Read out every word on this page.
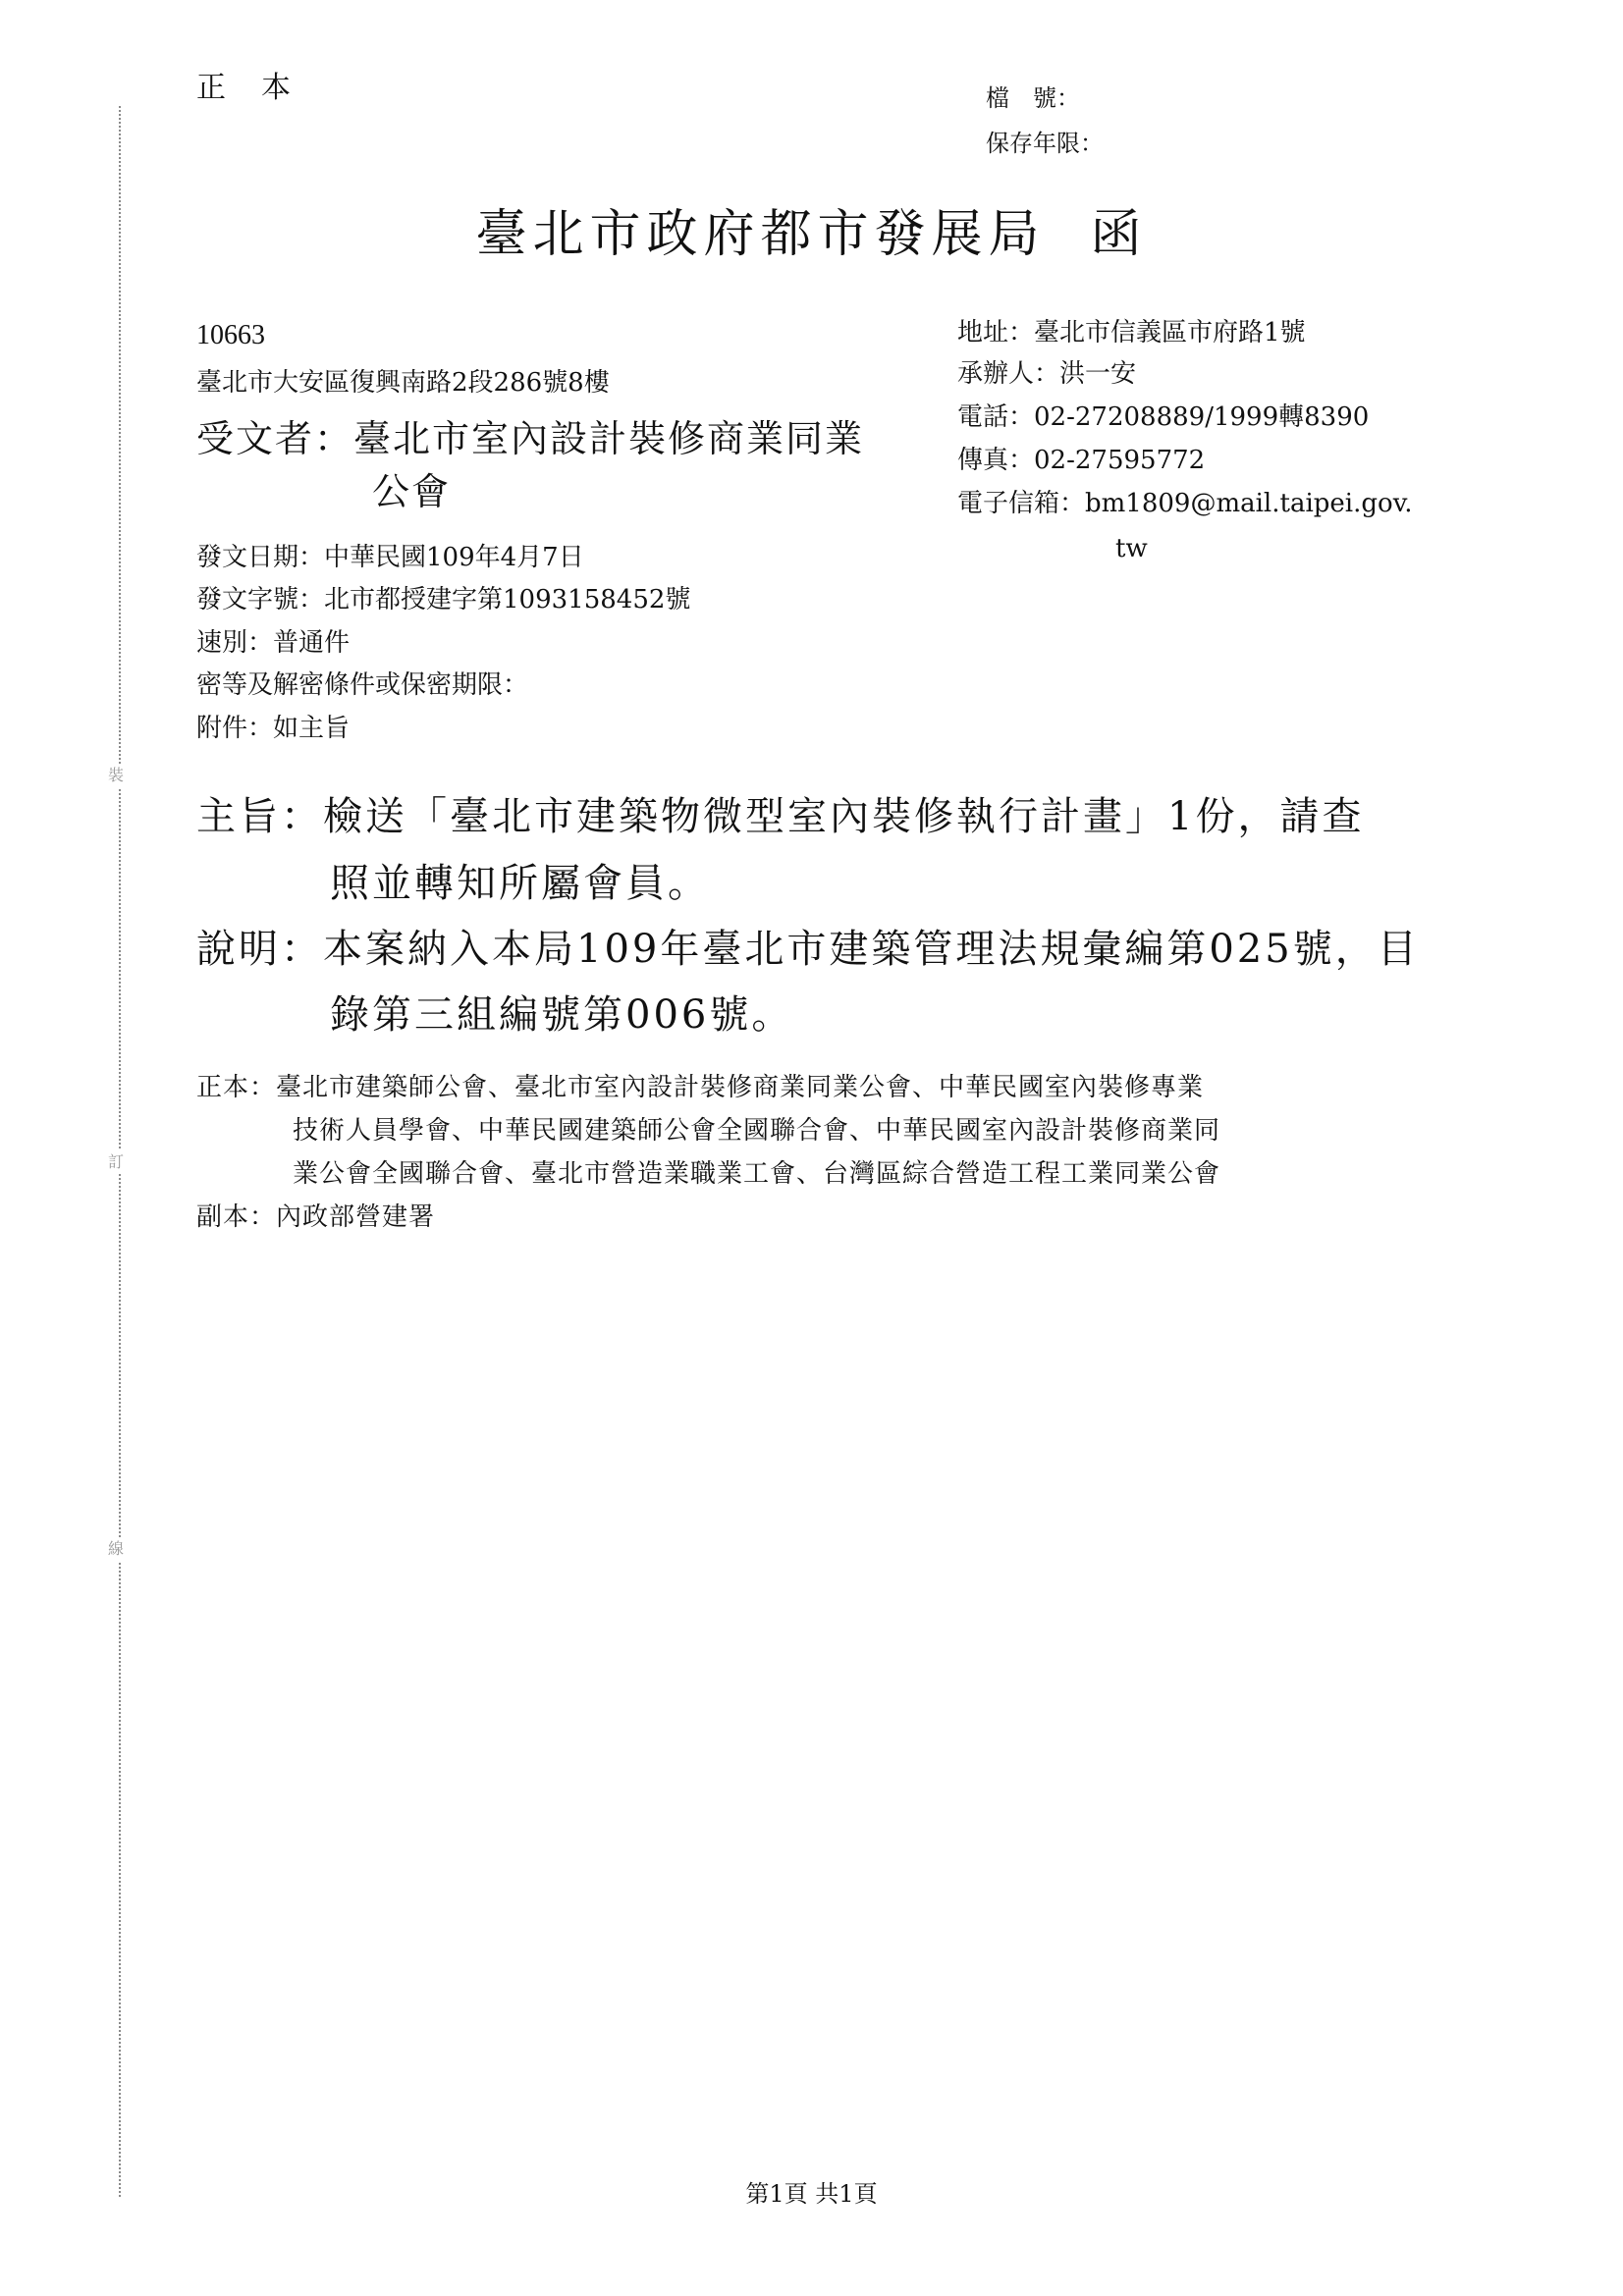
裝
訂
線
正本	檔　號：
保存年限：
臺北市政府都市發展局 函
10663
臺北市大安區復興南路2段286號8樓
受文者：臺北市室內設計裝修商業同業
公會
地址：臺北市信義區市府路1號
承辦人：洪一安
電話：02-27208889/1999轉8390
傳真：02-27595772
電子信箱：bm1809@mail.taipei.gov.
tw
發文日期：中華民國109年4月7日
發文字號：北市都授建字第1093158452號
速別：普通件
密等及解密條件或保密期限：
附件：如主旨
主旨：檢送「臺北市建築物微型室內裝修執行計畫」1份，請查
照並轉知所屬會員。
說明：本案納入本局109年臺北市建築管理法規彙編第025號，目
錄第三組編號第006號。
正本：臺北市建築師公會、臺北市室內設計裝修商業同業公會、中華民國室內裝修專業
技術人員學會、中華民國建築師公會全國聯合會、中華民國室內設計裝修商業同
業公會全國聯合會、臺北市營造業職業工會、台灣區綜合營造工程工業同業公會
副本：內政部營建署
第1頁 共1頁
